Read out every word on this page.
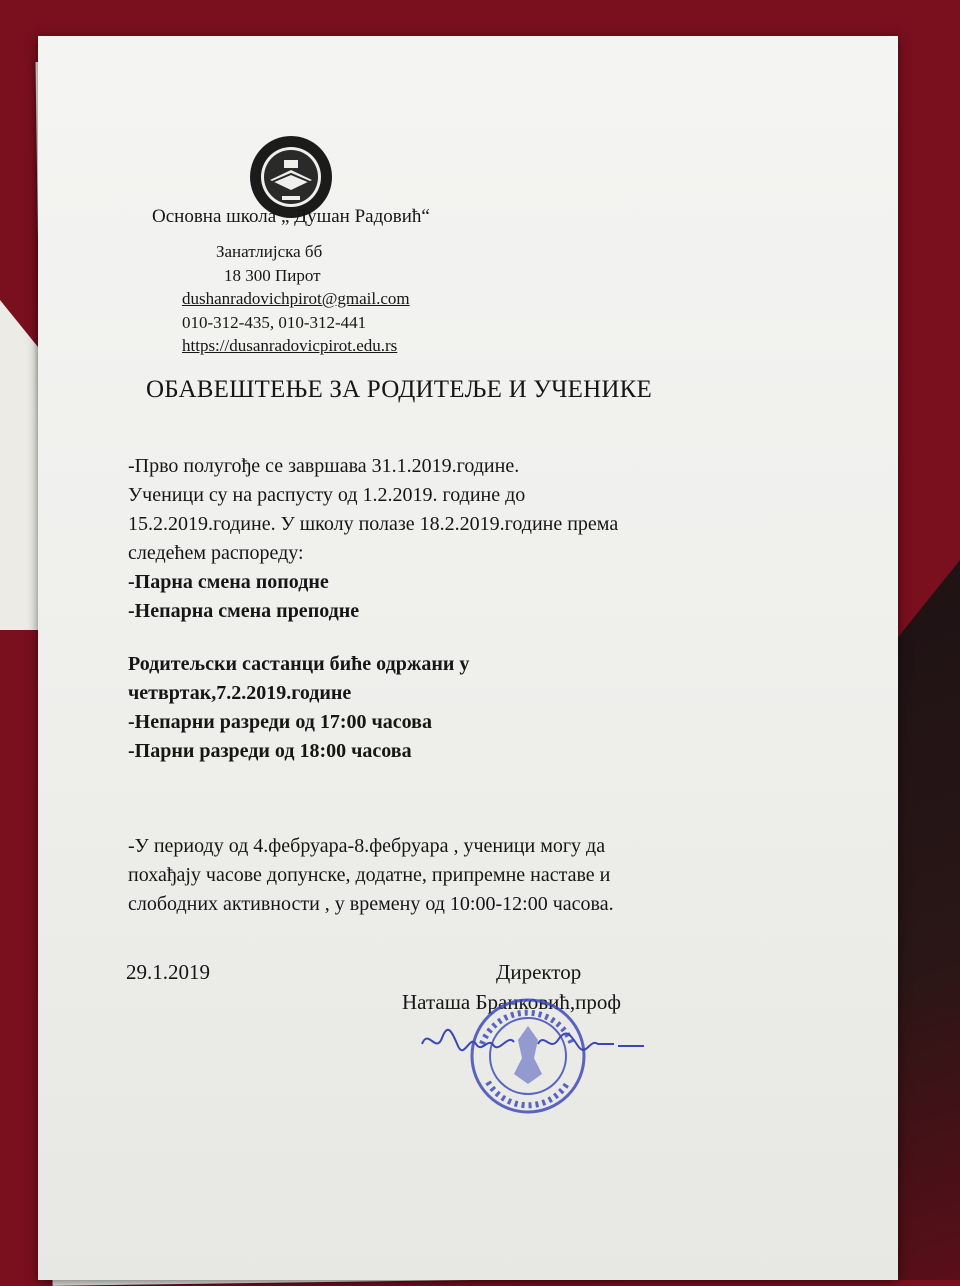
Основна школа „ Душан Радовић“
Занатлијска бб
18 300 Пирот
dushanradovichpirot@gmail.com
010-312-435, 010-312-441
https://dusanradovicpirot.edu.rs
ОБАВЕШТЕЊЕ ЗА РОДИТЕЉЕ И УЧЕНИКЕ
-Прво полугође се завршава 31.1.2019.године.
Ученици су на распусту од 1.2.2019. године до
15.2.2019.године. У школу полазе 18.2.2019.године према
следећем распореду:
-Парна смена поподне
-Непарна смена преподне
Родитељски састанци биће одржани у
четвртак,7.2.2019.године
-Непарни разреди од 17:00 часова
-Парни разреди од 18:00 часова
-У периоду од 4.фебруара-8.фебруара , ученици могу да
похађају часове допунске, додатне, припремне наставе и
слободних активности , у времену од 10:00-12:00 часова.
29.1.2019	Директор
Наташа Бранковић,проф
